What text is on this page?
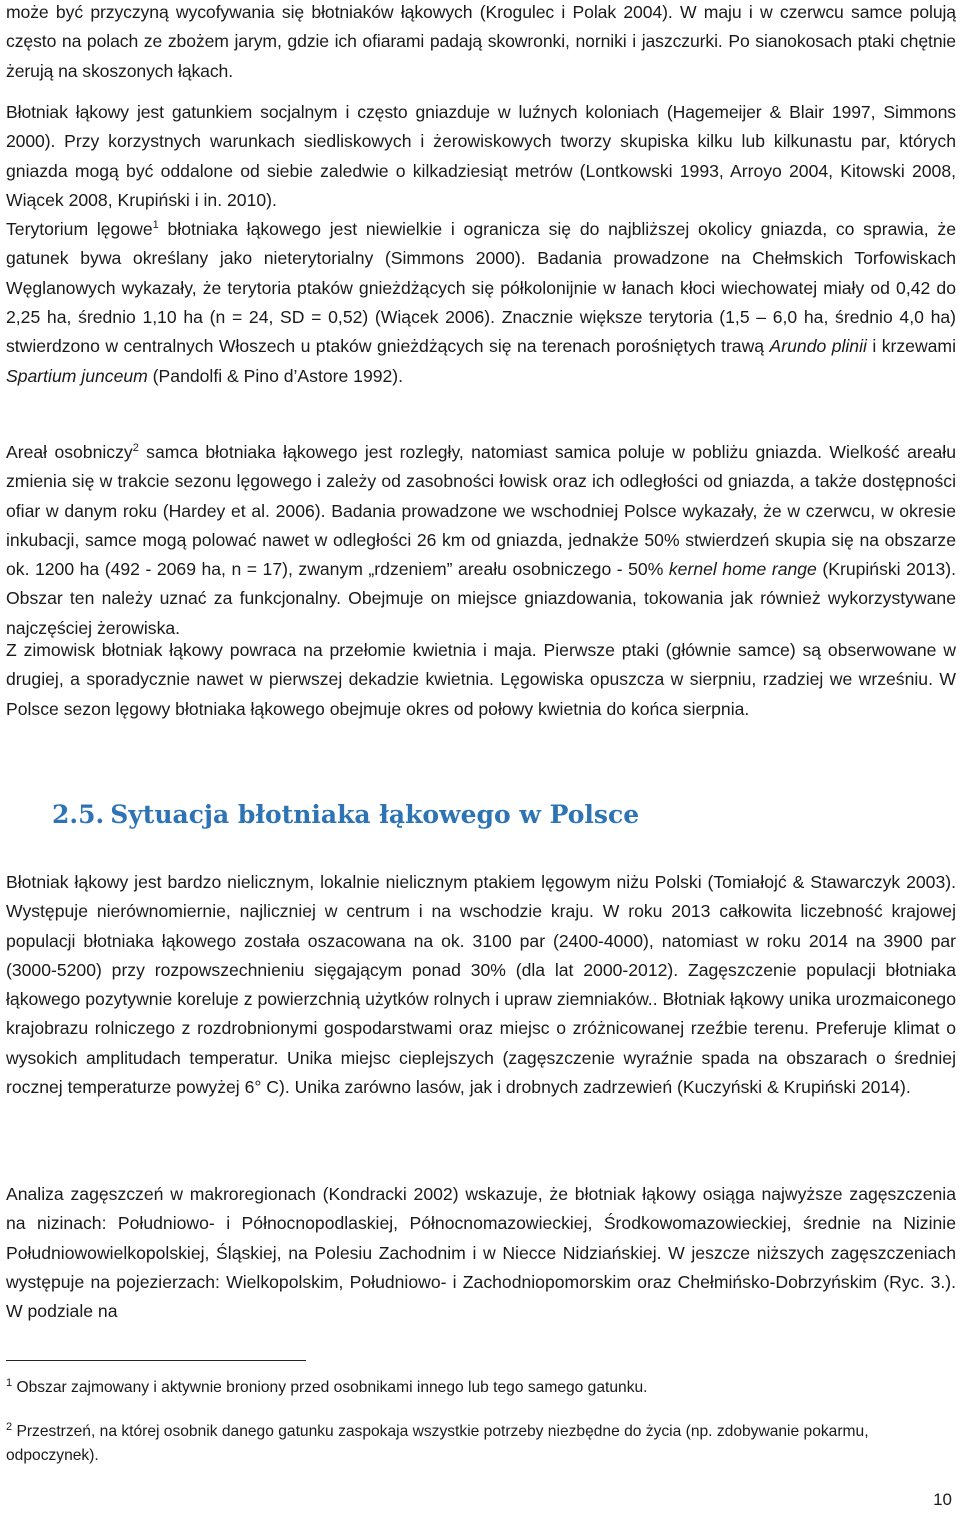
może być przyczyną wycofywania się błotniaków łąkowych (Krogulec i Polak 2004). W maju i w czerwcu samce polują często na polach ze zbożem jarym, gdzie ich ofiarami padają skowronki, norniki i jaszczurki. Po sianokosach ptaki chętnie żerują na skoszonych łąkach.

Błotniak łąkowy jest gatunkiem socjalnym i często gniazduje w luźnych koloniach (Hagemeijer & Blair 1997, Simmons 2000). Przy korzystnych warunkach siedliskowych i żerowiskowych tworzy skupiska kilku lub kilkunastu par, których gniazda mogą być oddalone od siebie zaledwie o kilkadziesiąt metrów (Lontkowski 1993, Arroyo 2004, Kitowski 2008, Wiącek 2008, Krupiński i in. 2010).
Terytorium lęgowe$^1$ błotniaka łąkowego jest niewielkie i ogranicza się do najbliższej okolicy gniazda, co sprawia, że gatunek bywa określany jako nieterytorialny (Simmons 2000). Badania prowadzone na Chełmskich Torfowiskach Węglanowych wykazały, że terytoria ptaków gnieżdżących się półkolonijnie w łanach kłoci wiechowatej miały od 0,42 do 2,25 ha, średnio 1,10 ha (n = 24, SD = 0,52) (Wiącek 2006). Znacznie większe terytoria (1,5 – 6,0 ha, średnio 4,0 ha) stwierdzono w centralnych Włoszech u ptaków gnieżdżących się na terenach porośniętych trawą Arundo plinii i krzewami Spartium junceum (Pandolfi & Pino d’Astore 1992).

Areał osobniczy$^2$ samca błotniaka łąkowego jest rozległy, natomiast samica poluje w pobliżu gniazda. Wielkość areału zmienia się w trakcie sezonu lęgowego i zależy od zasobności łowisk oraz ich odległości od gniazda, a także dostępności ofiar w danym roku (Hardey et al. 2006). Badania prowadzone we wschodniej Polsce wykazały, że w czerwcu, w okresie inkubacji, samce mogą polować nawet w odległości 26 km od gniazda, jednakże 50% stwierdzeń skupia się na obszarze ok. 1200 ha (492 - 2069 ha, n = 17), zwanym „rdzeniem” areału osobniczego - 50% kernel home range (Krupiński 2013). Obszar ten należy uznać za funkcjonalny. Obejmuje on miejsce gniazdowania, tokowania jak również wykorzystywane najczęściej żerowiska.

Z zimowisk błotniak łąkowy powraca na przełomie kwietnia i maja. Pierwsze ptaki (głównie samce) są obserwowane w drugiej, a sporadycznie nawet w pierwszej dekadzie kwietnia. Lęgowiska opuszcza w sierpniu, rzadziej we wrześniu. W Polsce sezon lęgowy błotniaka łąkowego obejmuje okres od połowy kwietnia do końca sierpnia.

2.5. Sytuacja błotniaka łąkowego w Polsce

Błotniak łąkowy jest bardzo nielicznym, lokalnie nielicznym ptakiem lęgowym niżu Polski (Tomiałojć & Stawarczyk 2003). Występuje nierównomiernie, najliczniej w centrum i na wschodzie kraju. W roku 2013 całkowita liczebność krajowej populacji błotniaka łąkowego została oszacowana na ok. 3100 par (2400-4000), natomiast w roku 2014 na 3900 par (3000-5200) przy rozpowszechnieniu sięgającym ponad 30% (dla lat 2000-2012). Zagęszczenie populacji błotniaka łąkowego pozytywnie koreluje z powierzchnią użytków rolnych i upraw ziemniaków.. Błotniak łąkowy unika urozmaiconego krajobrazu rolniczego z rozdrobnionymi gospodarstwami oraz miejsc o zróżnicowanej rzeźbie terenu. Preferuje klimat o wysokich amplitudach temperatur. Unika miejsc cieplejszych (zagęszczenie wyraźnie spada na obszarach o średniej rocznej temperaturze powyżej 6° C). Unika zarówno lasów, jak i drobnych zadrzewień (Kuczyński & Krupiński 2014).

Analiza zagęszczeń w makroregionach (Kondracki 2002) wskazuje, że błotniak łąkowy osiąga najwyższe zagęszczenia na nizinach: Południowo- i Północnopodlaskiej, Północnomazowieckiej, Środkowomazowieckiej, średnie na Nizinie Południowowielkopolskiej, Śląskiej, na Polesiu Zachodnim i w Niecce Nidziańskiej. W jeszcze niższych zagęszczeniach występuje na pojezierzach: Wielkopolskim, Południowo- i Zachodniopomorskim oraz Chełmińsko-Dobrzyńskim (Ryc. 3.). W podziale na

$^1$ Obszar zajmowany i aktywnie broniony przed osobnikami innego lub tego samego gatunku.

$^2$ Przestrzeń, na której osobnik danego gatunku zaspokaja wszystkie potrzeby niezbędne do życia (np. zdobywanie pokarmu, odpoczynek).

10
